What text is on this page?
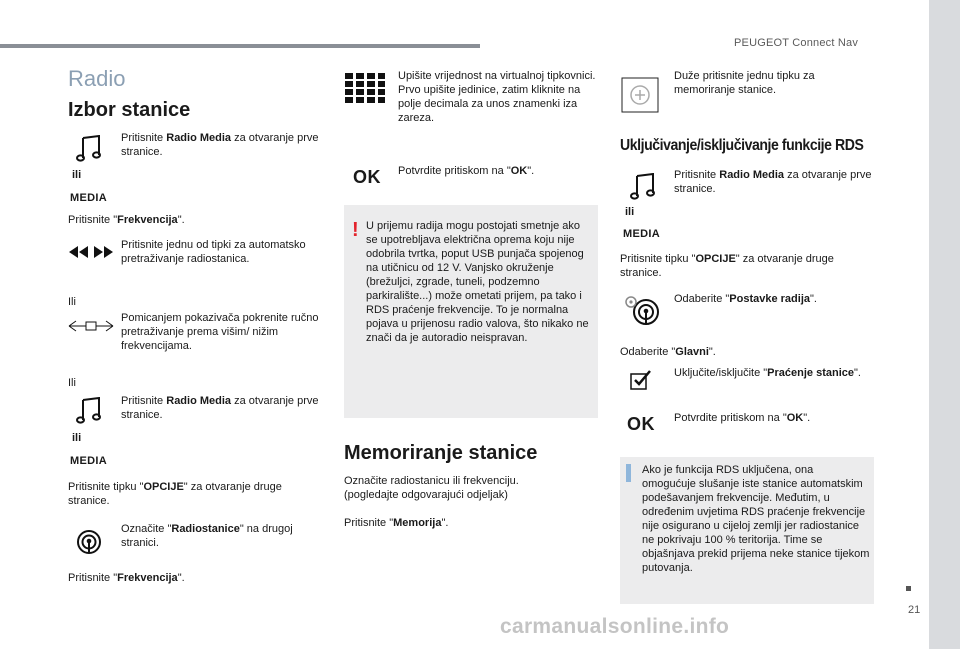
PEUGEOT Connect Nav
21
carmanualsonline.info
Radio
Izbor stanice
Pritisnite Radio Media za otvaranje prve stranice.
ili
MEDIA
Pritisnite "Frekvencija".
Pritisnite jednu od tipki za automatsko pretraživanje radiostanica.
Ili
Pomicanjem pokazivača pokrenite ručno pretraživanje prema višim/ nižim frekvencijama.
Ili
Pritisnite Radio Media za otvaranje prve stranice.
ili
MEDIA
Pritisnite tipku "OPCIJE" za otvaranje druge stranice.
Označite "Radiostanice" na drugoj stranici.
Pritisnite "Frekvencija".
Upišite vrijednost na virtualnoj tipkovnici.
Prvo upišite jedinice, zatim kliknite na polje decimala za unos znamenki iza zareza.
OK Potvrdite pritiskom na "OK".
! U prijemu radija mogu postojati smetnje ako se upotrebljava električna oprema koju nije odobrila tvrtka, poput USB punjača spojenog na utičnicu od 12 V. Vanjsko okruženje (brežuljci, zgrade, tuneli, podzemno parkiralište...) može ometati prijem, pa tako i RDS praćenje frekvencije. To je normalna pojava u prijenosu radio valova, što nikako ne znači da je autoradio neispravan.
Memoriranje stanice
Označite radiostanicu ili frekvenciju.
(pogledajte odgovarajući odjeljak)
Pritisnite "Memorija".
Duže pritisnite jednu tipku za memoriranje stanice.
Uključivanje/isključivanje funkcije RDS
Pritisnite Radio Media za otvaranje prve stranice.
ili
MEDIA
Pritisnite tipku "OPCIJE" za otvaranje druge stranice.
Odaberite "Postavke radija".
Odaberite "Glavni".
Uključite/isključite "Praćenje stanice".
OK Potvrdite pritiskom na "OK".
Ako je funkcija RDS uključena, ona omogućuje slušanje iste stanice automatskim podešavanjem frekvencije. Međutim, u određenim uvjetima RDS praćenje frekvencije nije osigurano u cijeloj zemlji jer radiostanice ne pokrivaju 100 % teritorija. Time se objašnjava prekid prijema neke stanice tijekom putovanja.
